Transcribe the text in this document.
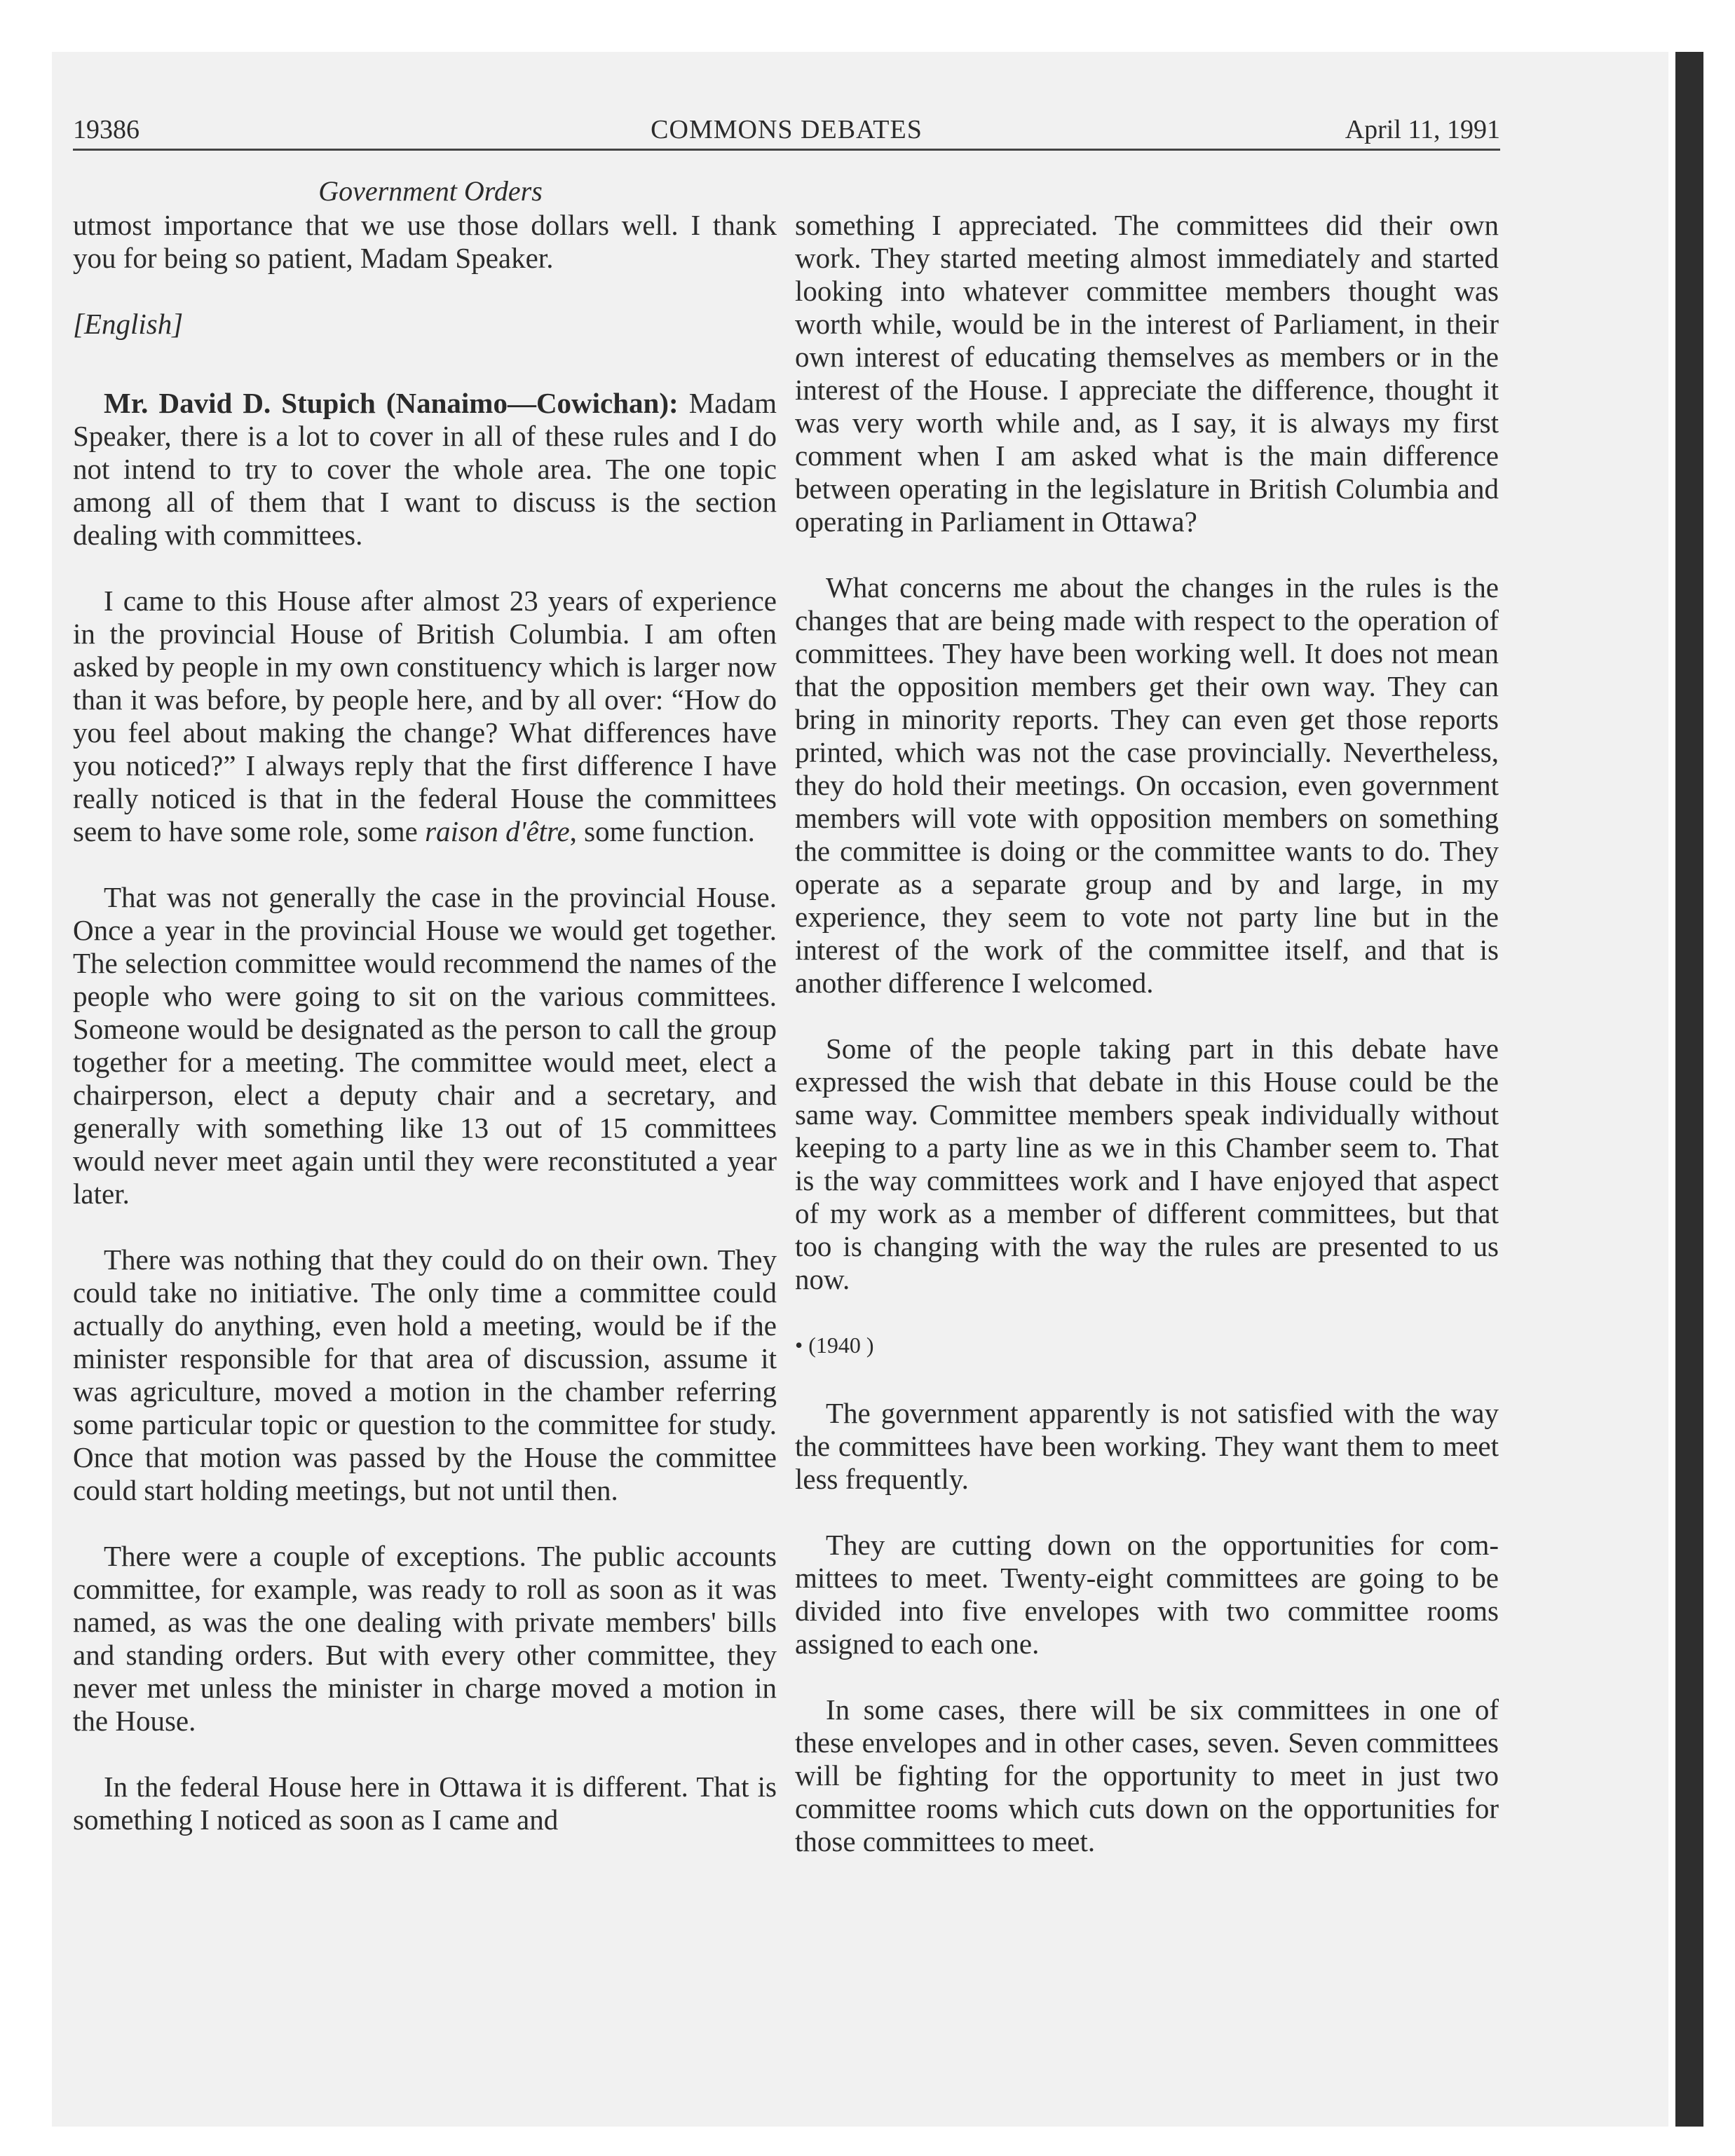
19386	COMMONS DEBATES	April 11, 1991
Government Orders

utmost importance that we use those dollars well. I thank you for being so patient, Madam Speaker.

[English]

Mr. David D. Stupich (Nanaimo—Cowichan): Madam Speaker, there is a lot to cover in all of these rules and I do not intend to try to cover the whole area. The one topic among all of them that I want to discuss is the section dealing with committees.

I came to this House after almost 23 years of experience in the provincial House of British Columbia. I am often asked by people in my own constituency which is larger now than it was before, by people here, and by all over: “How do you feel about making the change? What differences have you noticed?” I always reply that the first difference I have really noticed is that in the federal House the committees seem to have some role, some raison d'être, some function.

That was not generally the case in the provincial House. Once a year in the provincial House we would get together. The selection committee would recommend the names of the people who were going to sit on the various committees. Someone would be designated as the person to call the group together for a meeting. The committee would meet, elect a chairperson, elect a deputy chair and a secretary, and generally with something like 13 out of 15 committees would never meet again until they were reconstituted a year later.

There was nothing that they could do on their own. They could take no initiative. The only time a committee could actually do anything, even hold a meeting, would be if the minister responsible for that area of discussion, assume it was agriculture, moved a motion in the chamber referring some particular topic or question to the committee for study. Once that motion was passed by the House the committee could start holding meetings, but not until then.

There were a couple of exceptions. The public accounts committee, for example, was ready to roll as soon as it was named, as was the one dealing with private members' bills and standing orders. But with every other committee, they never met unless the minister in charge moved a motion in the House.

In the federal House here in Ottawa it is different. That is something I noticed as soon as I came and

something I appreciated. The committees did their own work. They started meeting almost immediately and started looking into whatever committee members thought was worth while, would be in the interest of Parliament, in their own interest of educating themselves as members or in the interest of the House. I appreciate the difference, thought it was very worth while and, as I say, it is always my first comment when I am asked what is the main difference between operating in the legislature in British Columbia and operating in Parliament in Ottawa?

What concerns me about the changes in the rules is the changes that are being made with respect to the operation of committees. They have been working well. It does not mean that the opposition members get their own way. They can bring in minority reports. They can even get those reports printed, which was not the case provincially. Nevertheless, they do hold their meetings. On occasion, even government members will vote with opposition members on something the committee is doing or the committee wants to do. They operate as a separate group and by and large, in my experience, they seem to vote not party line but in the interest of the work of the committee itself, and that is another difference I welcomed.

Some of the people taking part in this debate have expressed the wish that debate in this House could be the same way. Committee members speak individually without keeping to a party line as we in this Chamber seem to. That is the way committees work and I have enjoyed that aspect of my work as a member of different committees, but that too is changing with the way the rules are presented to us now.

• (1940 )

The government apparently is not satisfied with the way the committees have been working. They want them to meet less frequently.

They are cutting down on the opportunities for committees to meet. Twenty-eight committees are going to be divided into five envelopes with two committee rooms assigned to each one.

In some cases, there will be six committees in one of these envelopes and in other cases, seven. Seven committees will be fighting for the opportunity to meet in just two committee rooms which cuts down on the opportunities for those committees to meet.
